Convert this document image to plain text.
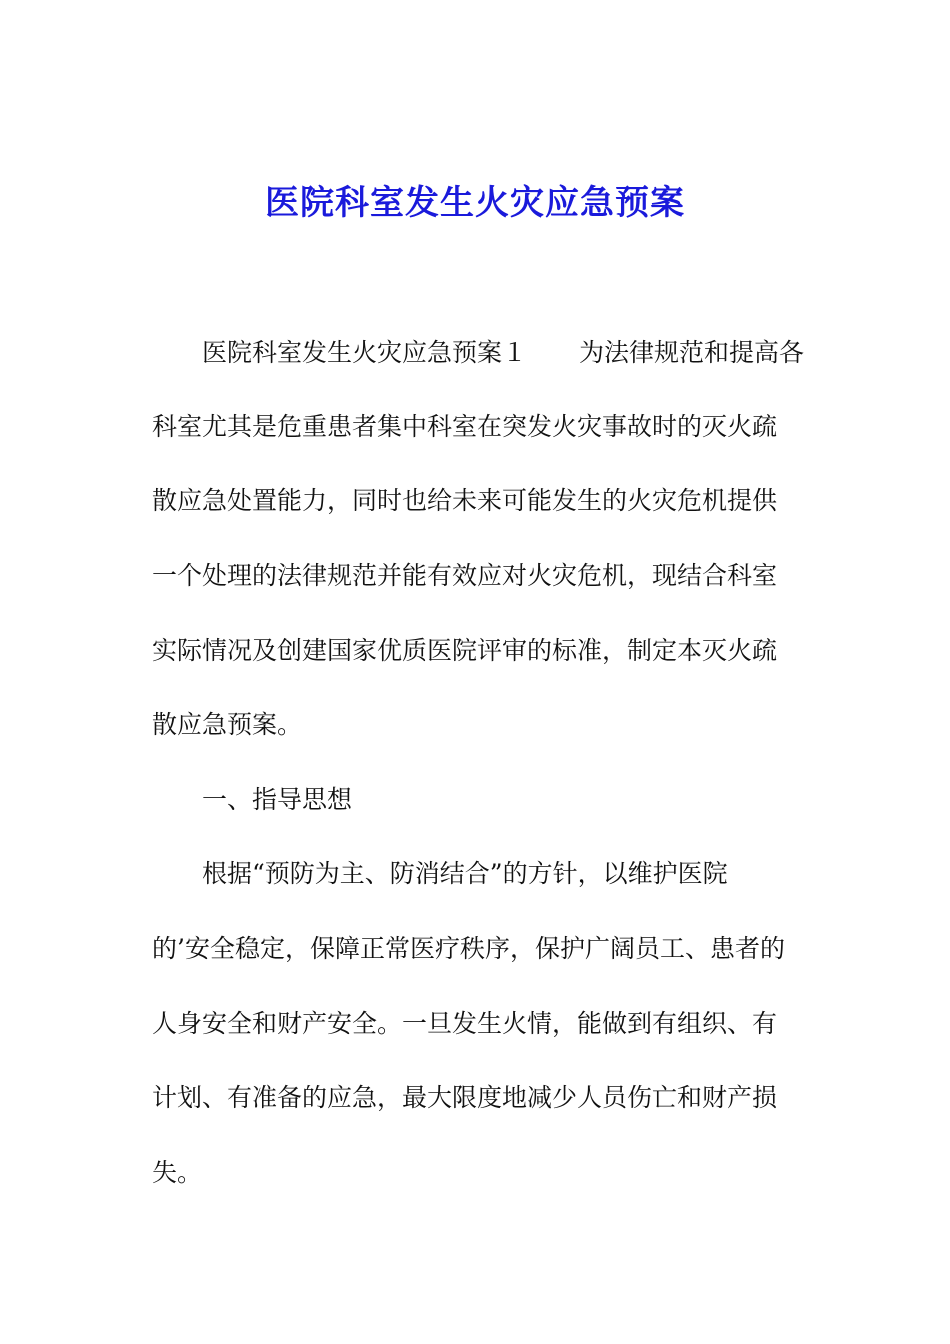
医院科室发生火灾应急预案
医院科室发生火灾应急预案１ 为法律规范和提高各
科室尤其是危重患者集中科室在突发火灾事故时的灭火疏
散应急处置能力，同时也给未来可能发生的火灾危机提供
一个处理的法律规范并能有效应对火灾危机，现结合科室
实际情况及创建国家优质医院评审的标准，制定本灭火疏
散应急预案。
一、指导思想
根据“预防为主、防消结合”的方针，以维护医院
的’安全稳定，保障正常医疗秩序，保护广阔员工、患者的
人身安全和财产安全。一旦发生火情，能做到有组织、有
计划、有准备的应急，最大限度地减少人员伤亡和财产损
失。
